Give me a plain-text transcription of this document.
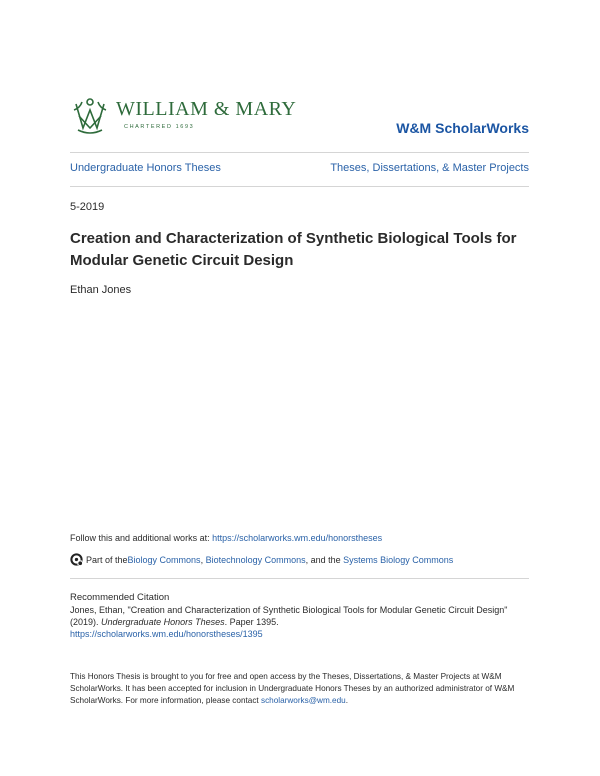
WILLIAM & MARY
CHARTERED 1693	W&M ScholarWorks
Undergraduate Honors Theses	Theses, Dissertations, & Master Projects
5-2019
Creation and Characterization of Synthetic Biological Tools for Modular Genetic Circuit Design
Ethan Jones
Follow this and additional works at: https://scholarworks.wm.edu/honorstheses
Part of the Biology Commons , Biotechnology Commons , and the Systems Biology Commons
Recommended Citation
Jones, Ethan, "Creation and Characterization of Synthetic Biological Tools for Modular Genetic Circuit Design" (2019). Undergraduate Honors Theses. Paper 1395.
https://scholarworks.wm.edu/honorstheses/1395
This Honors Thesis is brought to you for free and open access by the Theses, Dissertations, & Master Projects at W&M ScholarWorks. It has been accepted for inclusion in Undergraduate Honors Theses by an authorized administrator of W&M ScholarWorks. For more information, please contact scholarworks@wm.edu.
